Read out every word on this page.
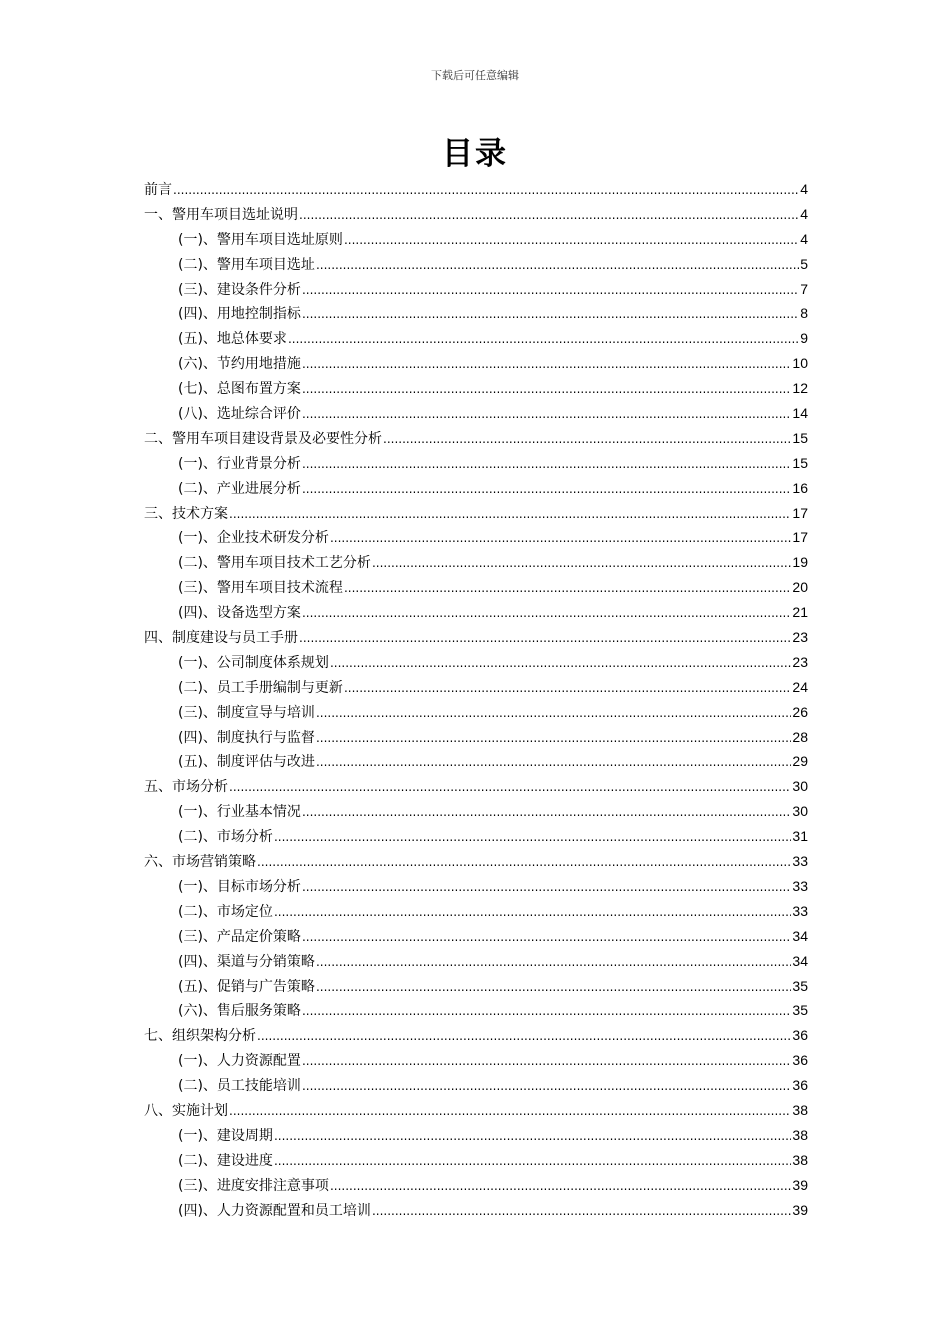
下载后可任意编辑
目录
前言 .....	4
一、警用车项目选址说明 .....	4
(一)、警用车项目选址原则 .....	4
(二)、警用车项目选址 .....	5
(三)、建设条件分析 .....	7
(四)、用地控制指标 .....	8
(五)、地总体要求 .....	9
(六)、节约用地措施 .....	10
(七)、总图布置方案 .....	12
(八)、选址综合评价 .....	14
二、警用车项目建设背景及必要性分析 .....	15
(一)、行业背景分析 .....	15
(二)、产业进展分析 .....	16
三、技术方案 .....	17
(一)、企业技术研发分析 .....	17
(二)、警用车项目技术工艺分析 .....	19
(三)、警用车项目技术流程 .....	20
(四)、设备选型方案 .....	21
四、制度建设与员工手册 .....	23
(一)、公司制度体系规划 .....	23
(二)、员工手册编制与更新 .....	24
(三)、制度宣导与培训 .....	26
(四)、制度执行与监督 .....	28
(五)、制度评估与改进 .....	29
五、市场分析 .....	30
(一)、行业基本情况 .....	30
(二)、市场分析 .....	31
六、市场营销策略 .....	33
(一)、目标市场分析 .....	33
(二)、市场定位 .....	33
(三)、产品定价策略 .....	34
(四)、渠道与分销策略 .....	34
(五)、促销与广告策略 .....	35
(六)、售后服务策略 .....	35
七、组织架构分析 .....	36
(一)、人力资源配置 .....	36
(二)、员工技能培训 .....	36
八、实施计划 .....	38
(一)、建设周期 .....	38
(二)、建设进度 .....	38
(三)、进度安排注意事项 .....	39
(四)、人力资源配置和员工培训 .....	39
